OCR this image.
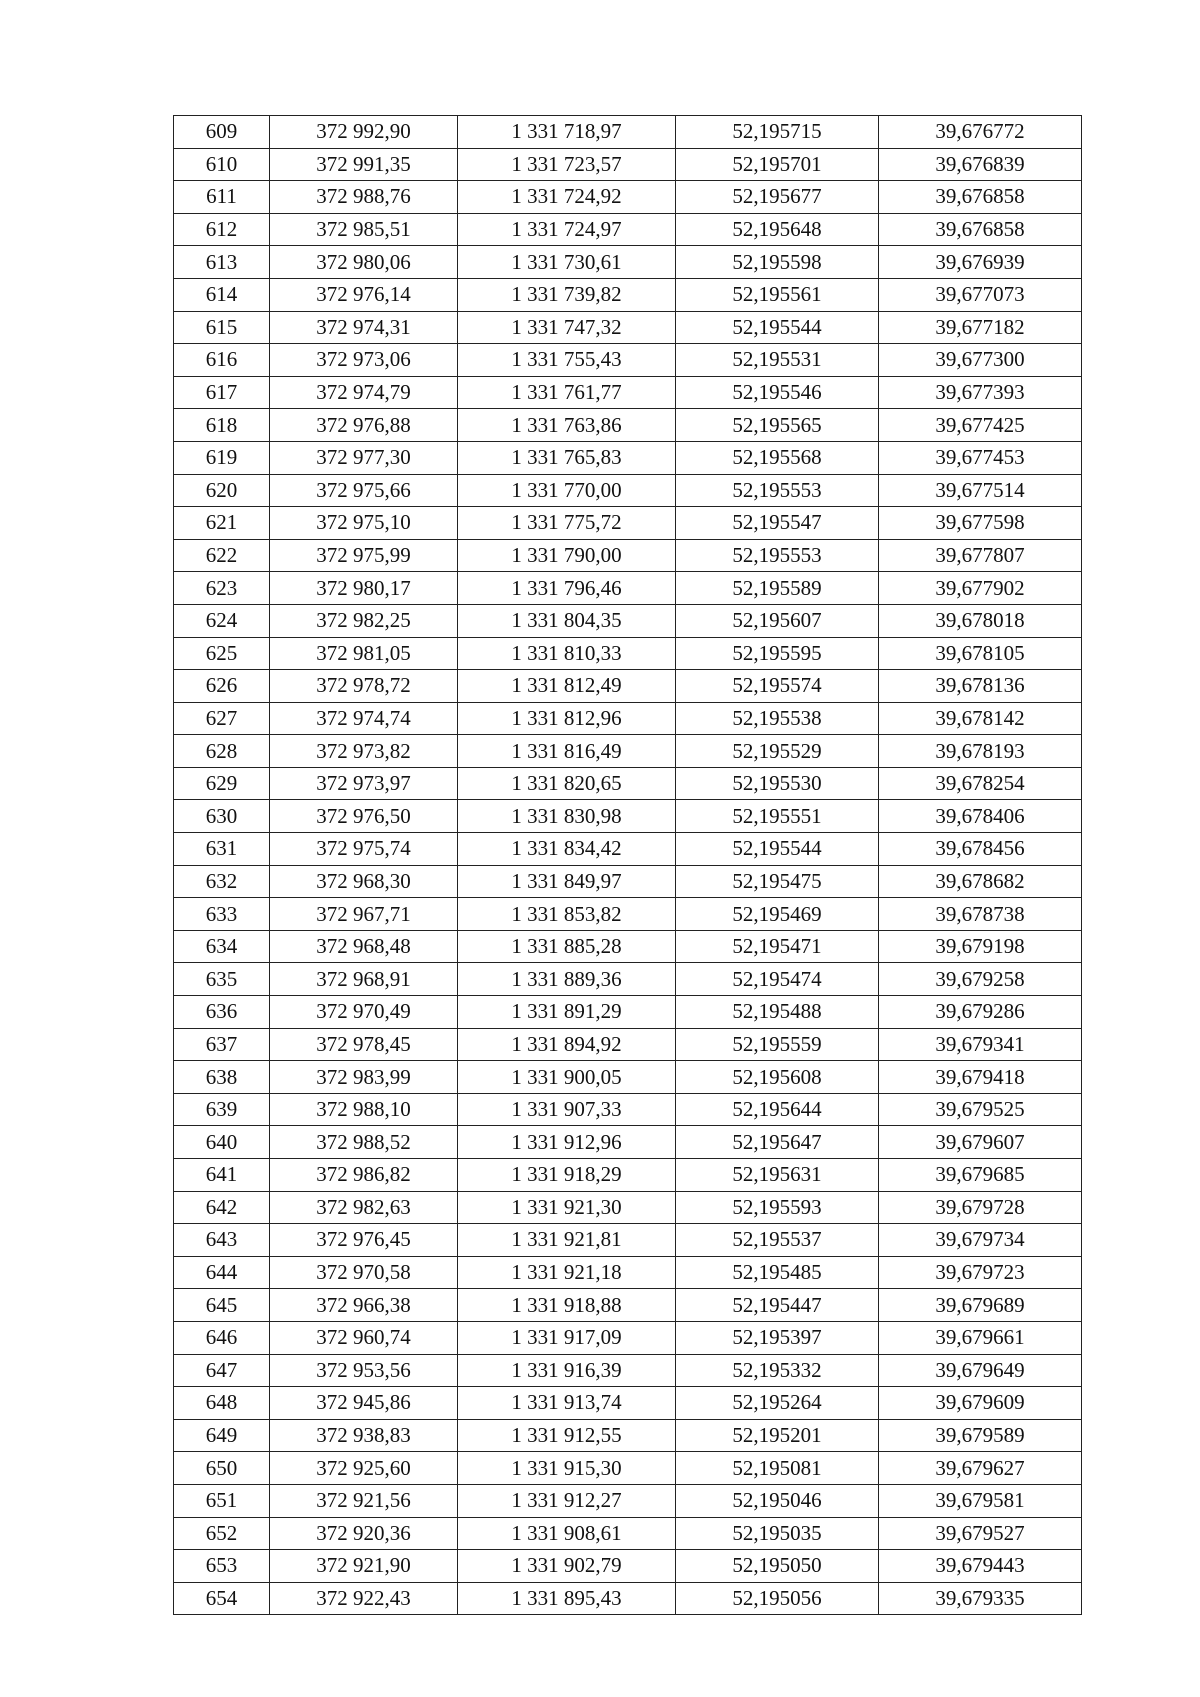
609	372 992,90	1 331 718,97	52,195715	39,676772
610	372 991,35	1 331 723,57	52,195701	39,676839
611	372 988,76	1 331 724,92	52,195677	39,676858
612	372 985,51	1 331 724,97	52,195648	39,676858
613	372 980,06	1 331 730,61	52,195598	39,676939
614	372 976,14	1 331 739,82	52,195561	39,677073
615	372 974,31	1 331 747,32	52,195544	39,677182
616	372 973,06	1 331 755,43	52,195531	39,677300
617	372 974,79	1 331 761,77	52,195546	39,677393
618	372 976,88	1 331 763,86	52,195565	39,677425
619	372 977,30	1 331 765,83	52,195568	39,677453
620	372 975,66	1 331 770,00	52,195553	39,677514
621	372 975,10	1 331 775,72	52,195547	39,677598
622	372 975,99	1 331 790,00	52,195553	39,677807
623	372 980,17	1 331 796,46	52,195589	39,677902
624	372 982,25	1 331 804,35	52,195607	39,678018
625	372 981,05	1 331 810,33	52,195595	39,678105
626	372 978,72	1 331 812,49	52,195574	39,678136
627	372 974,74	1 331 812,96	52,195538	39,678142
628	372 973,82	1 331 816,49	52,195529	39,678193
629	372 973,97	1 331 820,65	52,195530	39,678254
630	372 976,50	1 331 830,98	52,195551	39,678406
631	372 975,74	1 331 834,42	52,195544	39,678456
632	372 968,30	1 331 849,97	52,195475	39,678682
633	372 967,71	1 331 853,82	52,195469	39,678738
634	372 968,48	1 331 885,28	52,195471	39,679198
635	372 968,91	1 331 889,36	52,195474	39,679258
636	372 970,49	1 331 891,29	52,195488	39,679286
637	372 978,45	1 331 894,92	52,195559	39,679341
638	372 983,99	1 331 900,05	52,195608	39,679418
639	372 988,10	1 331 907,33	52,195644	39,679525
640	372 988,52	1 331 912,96	52,195647	39,679607
641	372 986,82	1 331 918,29	52,195631	39,679685
642	372 982,63	1 331 921,30	52,195593	39,679728
643	372 976,45	1 331 921,81	52,195537	39,679734
644	372 970,58	1 331 921,18	52,195485	39,679723
645	372 966,38	1 331 918,88	52,195447	39,679689
646	372 960,74	1 331 917,09	52,195397	39,679661
647	372 953,56	1 331 916,39	52,195332	39,679649
648	372 945,86	1 331 913,74	52,195264	39,679609
649	372 938,83	1 331 912,55	52,195201	39,679589
650	372 925,60	1 331 915,30	52,195081	39,679627
651	372 921,56	1 331 912,27	52,195046	39,679581
652	372 920,36	1 331 908,61	52,195035	39,679527
653	372 921,90	1 331 902,79	52,195050	39,679443
654	372 922,43	1 331 895,43	52,195056	39,679335
